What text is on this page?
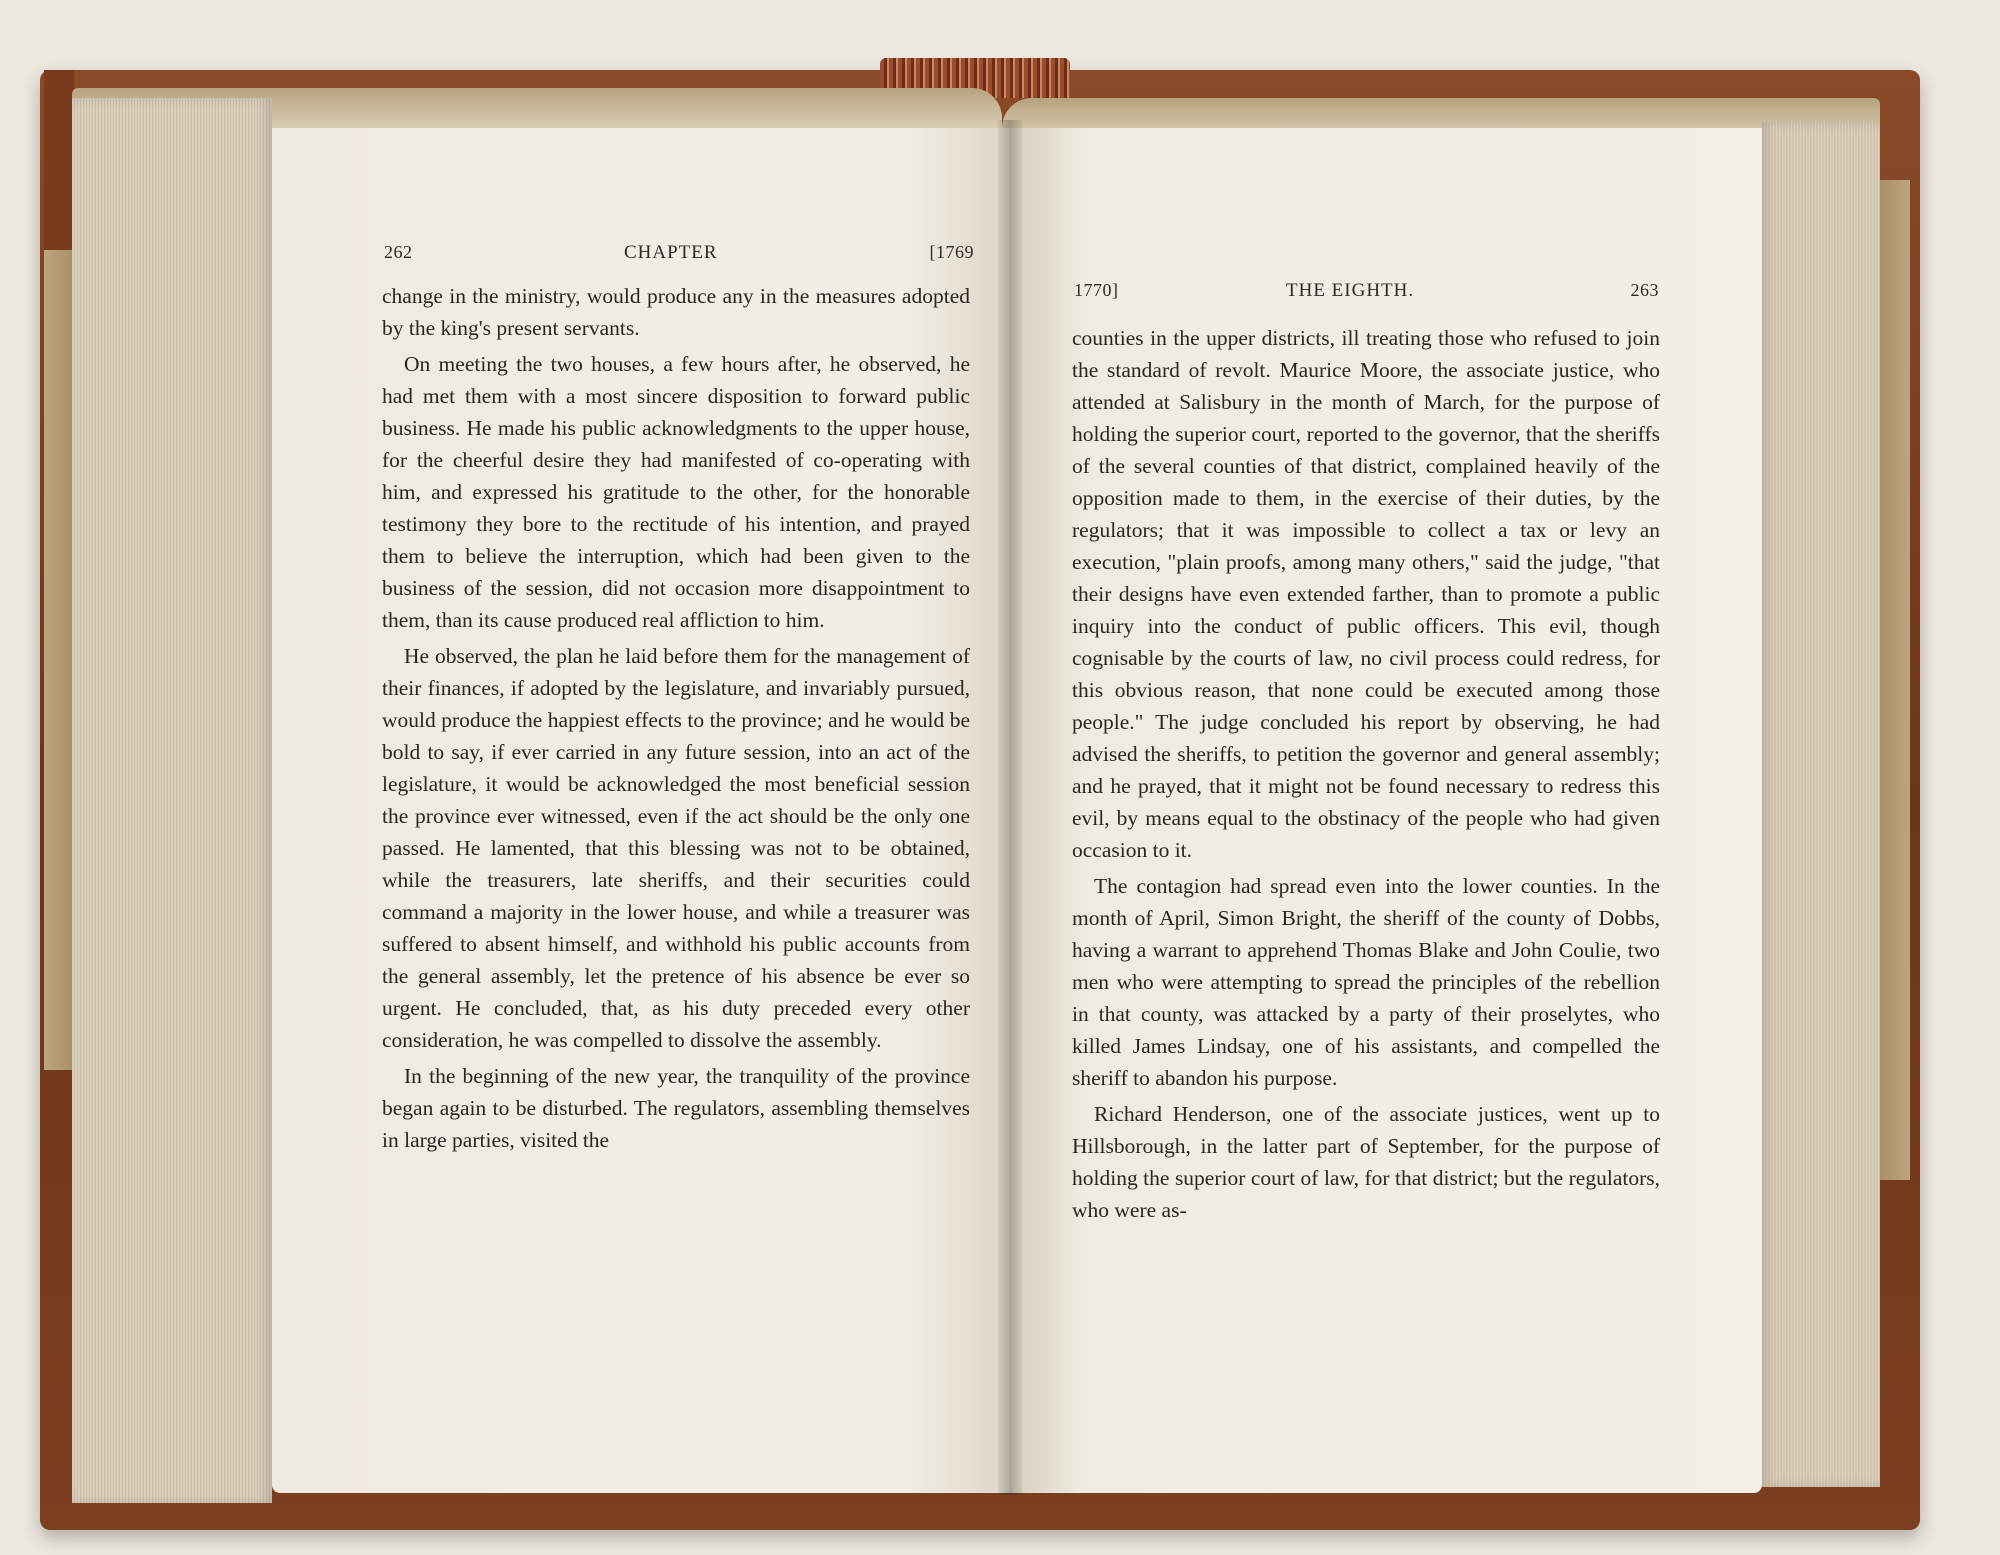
262	CHAPTER	[1769

change in the ministry, would produce any in the measures adopted by the king's present servants.

On meeting the two houses, a few hours after, he observed, he had met them with a most sincere disposition to forward public business. He made his public acknowledgments to the upper house, for the cheerful desire they had manifested of co-operating with him, and expressed his gratitude to the other, for the honorable testimony they bore to the rectitude of his intention, and prayed them to believe the interruption, which had been given to the business of the session, did not occasion more disappointment to them, than its cause produced real affliction to him.

He observed, the plan he laid before them for the management of their finances, if adopted by the legislature, and invariably pursued, would produce the happiest effects to the province; and he would be bold to say, if ever carried in any future session, into an act of the legislature, it would be acknowledged the most beneficial session the province ever witnessed, even if the act should be the only one passed. He lamented, that this blessing was not to be obtained, while the treasurers, late sheriffs, and their securities could command a majority in the lower house, and while a treasurer was suffered to absent himself, and withhold his public accounts from the general assembly, let the pretence of his absence be ever so urgent. He concluded, that, as his duty preceded every other consideration, he was compelled to dissolve the assembly.

In the beginning of the new year, the tranquility of the province began again to be disturbed. The regulators, assembling themselves in large parties, visited the

1770]	THE EIGHTH.	263

counties in the upper districts, ill treating those who refused to join the standard of revolt. Maurice Moore, the associate justice, who attended at Salisbury in the month of March, for the purpose of holding the superior court, reported to the governor, that the sheriffs of the several counties of that district, complained heavily of the opposition made to them, in the exercise of their duties, by the regulators; that it was impossible to collect a tax or levy an execution, "plain proofs, among many others," said the judge, "that their designs have even extended farther, than to promote a public inquiry into the conduct of public officers. This evil, though cognisable by the courts of law, no civil process could redress, for this obvious reason, that none could be executed among those people." The judge concluded his report by observing, he had advised the sheriffs, to petition the governor and general assembly; and he prayed, that it might not be found necessary to redress this evil, by means equal to the obstinacy of the people who had given occasion to it.

The contagion had spread even into the lower counties. In the month of April, Simon Bright, the sheriff of the county of Dobbs, having a warrant to apprehend Thomas Blake and John Coulie, two men who were attempting to spread the principles of the rebellion in that county, was attacked by a party of their proselytes, who killed James Lindsay, one of his assistants, and compelled the sheriff to abandon his purpose.

Richard Henderson, one of the associate justices, went up to Hillsborough, in the latter part of September, for the purpose of holding the superior court of law, for that district; but the regulators, who were as-
